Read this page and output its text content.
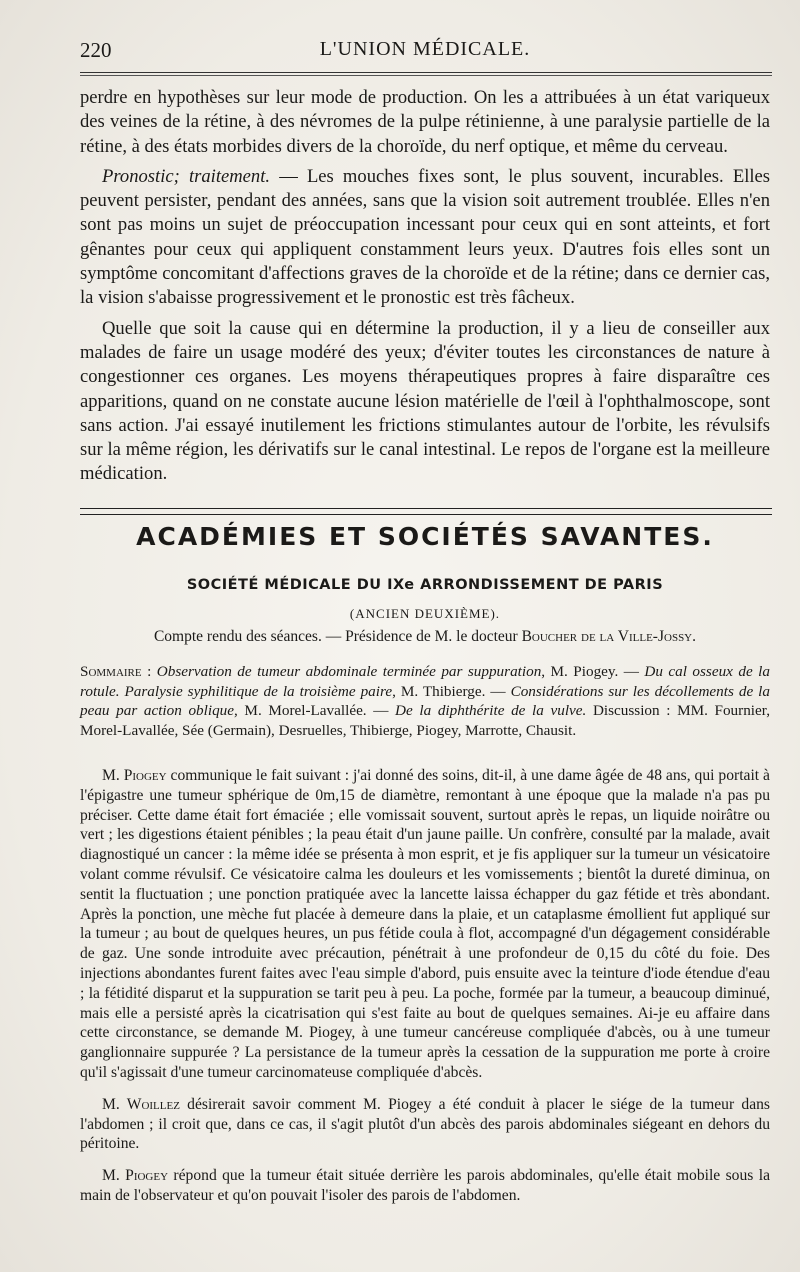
220	L'UNION MÉDICALE.

perdre en hypothèses sur leur mode de production. On les a attribuées à un état variqueux des veines de la rétine, à des névromes de la pulpe rétinienne, à une paralysie partielle de la rétine, à des états morbides divers de la choroïde, du nerf optique, et même du cerveau.

Pronostic; traitement. — Les mouches fixes sont, le plus souvent, incurables. Elles peuvent persister, pendant des années, sans que la vision soit autrement troublée. Elles n'en sont pas moins un sujet de préoccupation incessant pour ceux qui en sont atteints, et fort gênantes pour ceux qui appliquent constamment leurs yeux. D'autres fois elles sont un symptôme concomitant d'affections graves de la choroïde et de la rétine; dans ce dernier cas, la vision s'abaisse progressivement et le pronostic est très fâcheux.

Quelle que soit la cause qui en détermine la production, il y a lieu de conseiller aux malades de faire un usage modéré des yeux; d'éviter toutes les circonstances de nature à congestionner ces organes. Les moyens thérapeutiques propres à faire disparaître ces apparitions, quand on ne constate aucune lésion matérielle de l'œil à l'ophthalmoscope, sont sans action. J'ai essayé inutilement les frictions stimulantes autour de l'orbite, les révulsifs sur la même région, les dérivatifs sur le canal intestinal. Le repos de l'organe est la meilleure médication.

ACADÉMIES ET SOCIÉTÉS SAVANTES.
SOCIÉTÉ MÉDICALE DU IXe ARRONDISSEMENT DE PARIS
(ANCIEN DEUXIÈME).
Compte rendu des séances. — Présidence de M. le docteur Boucher de la Ville-Jossy.

Sommaire : Observation de tumeur abdominale terminée par suppuration, M. Piogey. — Du cal osseux de la rotule. Paralysie syphilitique de la troisième paire, M. Thibierge. — Considérations sur les décollements de la peau par action oblique, M. Morel-Lavallée. — De la diphthérite de la vulve. Discussion : MM. Fournier, Morel-Lavallée, Sée (Germain), Desruelles, Thibierge, Piogey, Marrotte, Chausit.

M. Piogey communique le fait suivant : j'ai donné des soins, dit-il, à une dame âgée de 48 ans, qui portait à l'épigastre une tumeur sphérique de 0m,15 de diamètre, remontant à une époque que la malade n'a pas pu préciser. Cette dame était fort émaciée ; elle vomissait souvent, surtout après le repas, un liquide noirâtre ou vert ; les digestions étaient pénibles ; la peau était d'un jaune paille. Un confrère, consulté par la malade, avait diagnostiqué un cancer : la même idée se présenta à mon esprit, et je fis appliquer sur la tumeur un vésicatoire volant comme révulsif. Ce vésicatoire calma les douleurs et les vomissements ; bientôt la dureté diminua, on sentit la fluctuation ; une ponction pratiquée avec la lancette laissa échapper du gaz fétide et très abondant. Après la ponction, une mèche fut placée à demeure dans la plaie, et un cataplasme émollient fut appliqué sur la tumeur ; au bout de quelques heures, un pus fétide coula à flot, accompagné d'un dégagement considérable de gaz. Une sonde introduite avec précaution, pénétrait à une profondeur de 0,15 du côté du foie. Des injections abondantes furent faites avec l'eau simple d'abord, puis ensuite avec la teinture d'iode étendue d'eau ; la fétidité disparut et la suppuration se tarit peu à peu. La poche, formée par la tumeur, a beaucoup diminué, mais elle a persisté après la cicatrisation qui s'est faite au bout de quelques semaines. Ai-je eu affaire dans cette circonstance, se demande M. Piogey, à une tumeur cancéreuse compliquée d'abcès, ou à une tumeur ganglionnaire suppurée ? La persistance de la tumeur après la cessation de la suppuration me porte à croire qu'il s'agissait d'une tumeur carcinomateuse compliquée d'abcès.

M. Woillez désirerait savoir comment M. Piogey a été conduit à placer le siége de la tumeur dans l'abdomen ; il croit que, dans ce cas, il s'agit plutôt d'un abcès des parois abdominales siégeant en dehors du péritoine.

M. Piogey répond que la tumeur était située derrière les parois abdominales, qu'elle était mobile sous la main de l'observateur et qu'on pouvait l'isoler des parois de l'abdomen.
